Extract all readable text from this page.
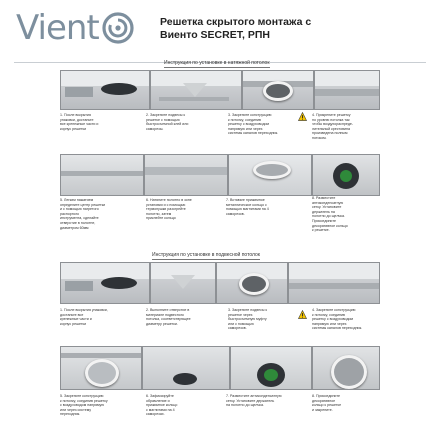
Vient	Решетка скрытого монтажа с
Виенто SECRET, РПН
Инструкция по установке в натяжной потолок
1. После вскрытия
упаковки, достаньте
все крепежные части и
корпус решетки
2. Закрепите подвесы к
решетке с помощью
быстросъемной клей или
саморезы.
3. Закрепите конструкцию
к потолку, соединив
решетку с воздуховодом
напрямую или через
системы каналов переходник.
4. Прикрепите решетку
по уровню потолка так
чтобы воздухораспреде-
лительный крестовина
произведена полным
потоком.
5. Легким нажатием
определите центр решетки
и с помощью нагретого
распорного
инструмента, сделайте
отверстие в полотне,
диаметром 60мм
6. Натяните полотно в зоне
установки и с помощью
термопушки разогрейте
полотно, затем
приклейте кольцо
7. Вставьте прижимное
металлическое кольцо с
помощью магнитами на 4
саморезов.
8. Разместите
антиконденсатную
сетку. Установите
держатель на
полотно до щелчка.
Присоедините
декоративное кольцо
к решетке.
Инструкция по установке в подвесной потолок
1. После вскрытия упаковки,
достаньте все
крепежные части и
корпус решетки
2. Выполните отверстие в
материале подвесного
потолка, соответствующее
диаметру решетки.
3. Закрепите подвесы к
решетке через
быстросъемную муфту
или с помощью
саморезов.
4. Закрепите конструкцию
к потолку, соединив
решетку с воздуховодом
напрямую или через
системы каналов переходник.
5. Закрепите конструкцию
к потолку, соединив решетку
с воздуховодом напрямую
или через систему
переходник.
6. Зафиксируйте
обрамление и
прижимное кольцо
с магнитами на 4
саморезах.
7. Разместите антиконденсатную
сетку. Установите держатель
на полотно до щелчка.
8. Присоедините
декоративное
кольцо к решетке
и закрепите.
